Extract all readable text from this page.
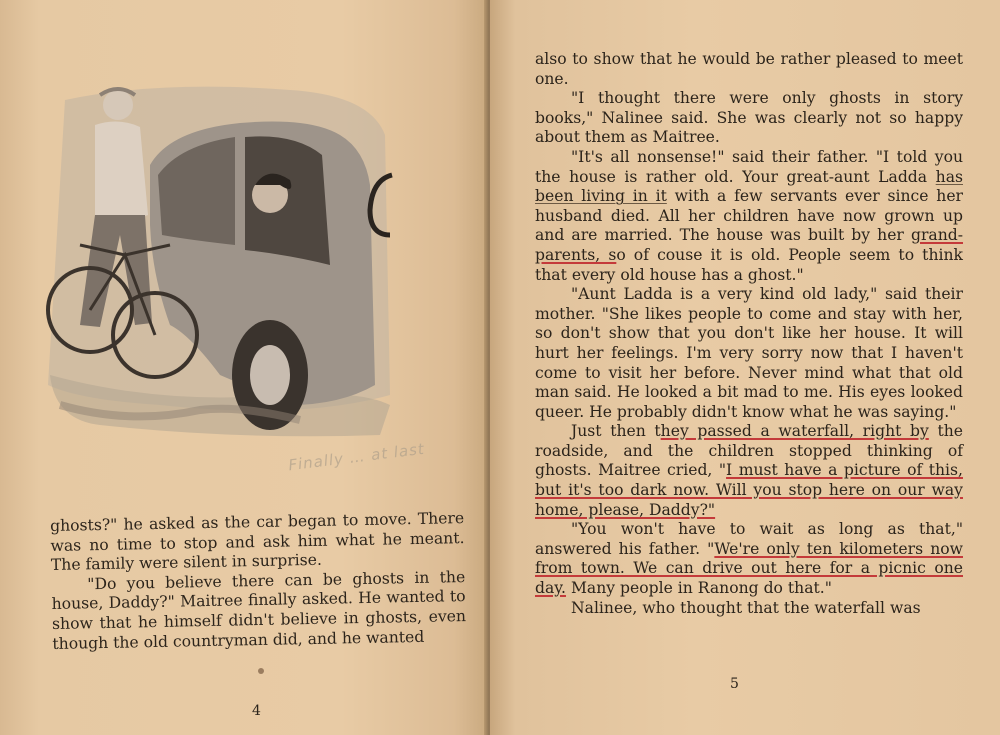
Finally … at last

ghosts?" he asked as the car began to move. There was no time to stop and ask him what he meant. The family were silent in surprise.

"Do you believe there can be ghosts in the house, Daddy?" Maitree finally asked. He wanted to show that he himself didn't believe in ghosts, even though the old countryman did, and he wanted

4

also to show that he would be rather pleased to meet one.

"I thought there were only ghosts in story books," Nalinee said. She was clearly not so happy about them as Maitree.

"It's all nonsense!" said their father. "I told you the house is rather old. Your great-aunt Ladda has been living in it with a few servants ever since her husband died. All her children have now grown up and are married. The house was built by her grand-parents, so of couse it is old. People seem to think that every old house has a ghost."

"Aunt Ladda is a very kind old lady," said their mother. "She likes people to come and stay with her, so don't show that you don't like her house. It will hurt her feelings. I'm very sorry now that I haven't come to visit her before. Never mind what that old man said. He looked a bit mad to me. His eyes looked queer. He probably didn't know what he was saying."

Just then they passed a waterfall, right by the roadside, and the children stopped thinking of ghosts. Maitree cried, "I must have a picture of this, but it's too dark now. Will you stop here on our way home, please, Daddy?"

"You won't have to wait as long as that," answered his father. "We're only ten kilometers now from town. We can drive out here for a picnic one day. Many people in Ranong do that."

Nalinee, who thought that the waterfall was

5
